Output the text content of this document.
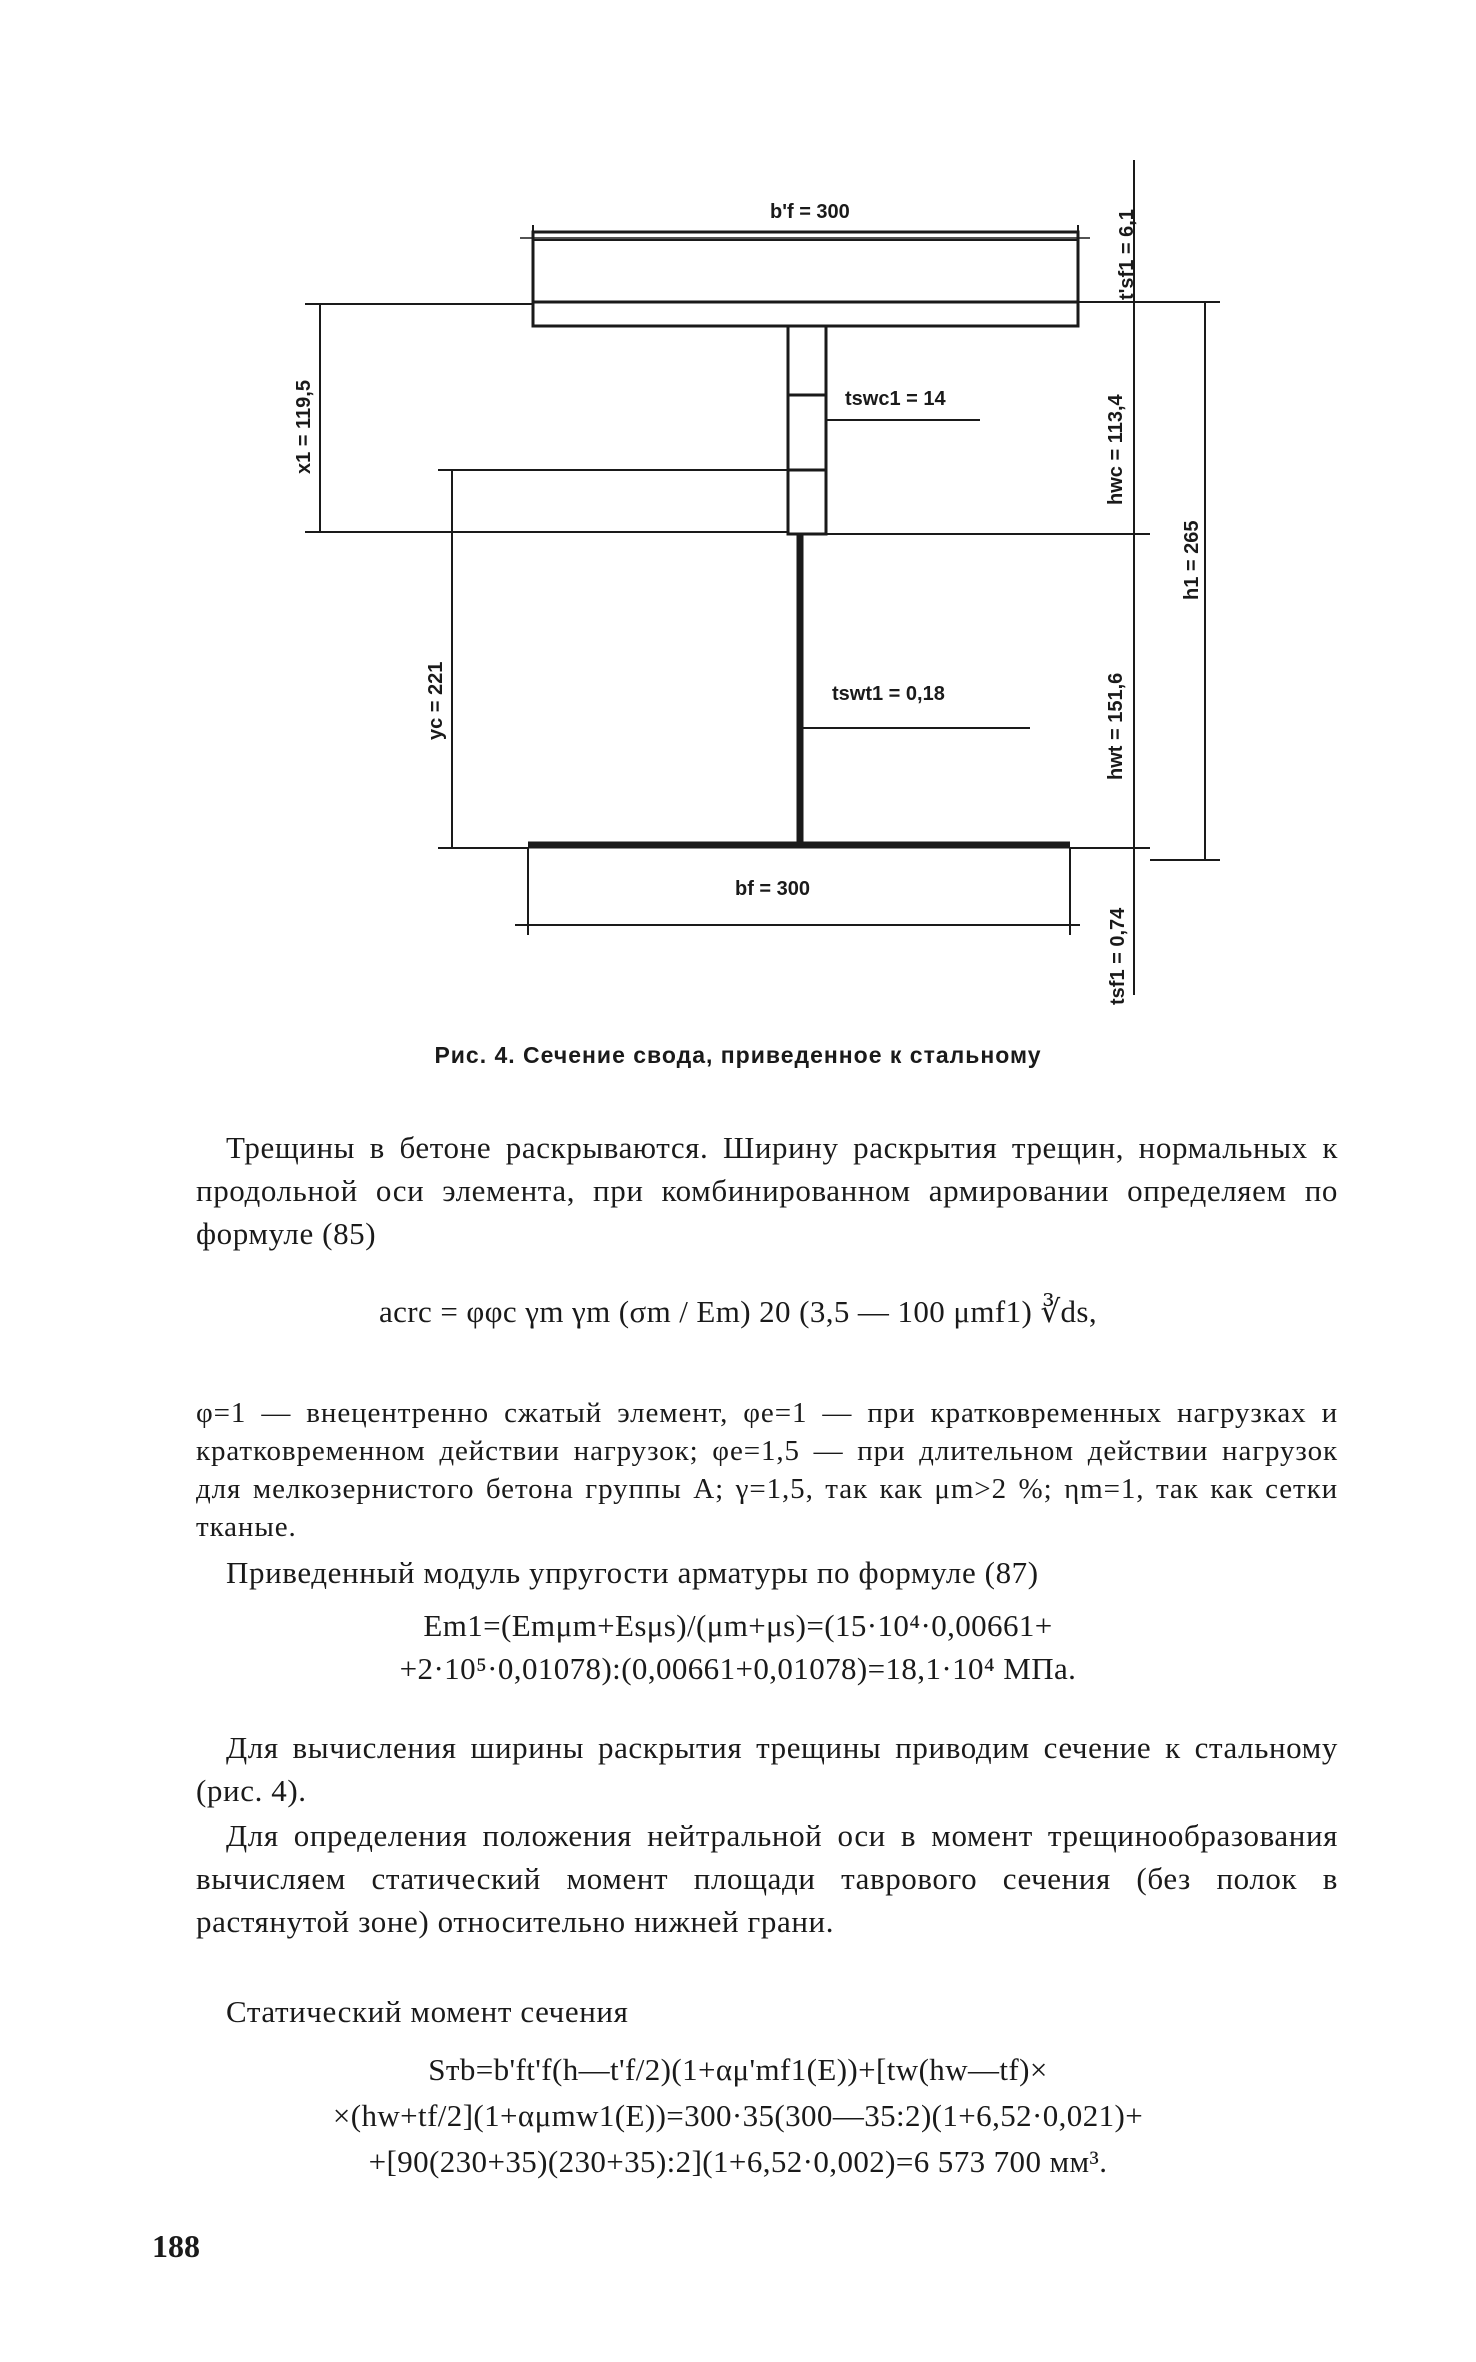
b'f = 300	t'sf1 = 6,1
x1 = 119,5	tswc1 = 14	hwc = 113,4
h1 = 265
yc = 221	tswt1 = 0,18	hwt = 151,6
bf = 300
tsf1 = 0,74
Рис. 4. Сечение свода, приведенное к стальному
Трещины в бетоне раскрываются. Ширину раскрытия трещин, нормальных к продольной оси элемента, при комбинированном армировании определяем по формуле (85)
acrc = φφc γm γm (σm / Em) 20 (3,5 — 100 μmf1) ∛ds,
φ=1 — внецентренно сжатый элемент, φe=1 — при кратковременных нагрузках и кратковременном действии нагрузок; φe=1,5 — при длительном действии нагрузок для мелкозернистого бетона группы А; γ=1,5, так как μm>2 %; ηm=1, так как сетки тканые.
Приведенный модуль упругости арматуры по формуле (87)
Em1=(Emμm+Esμs)/(μm+μs)=(15·10⁴·0,00661+
+2·10⁵·0,01078):(0,00661+0,01078)=18,1·10⁴ МПа.
Для вычисления ширины раскрытия трещины приводим сечение к стальному (рис. 4).
Для определения положения нейтральной оси в момент трещинообразования вычисляем статический момент площади таврового сечения (без полок в растянутой зоне) относительно нижней грани.
Статический момент сечения
Sтb=b'ft'f(h—t'f/2)(1+αμ'mf1(E))+[tw(hw—tf)×
×(hw+tf/2](1+αμmw1(E))=300·35(300—35:2)(1+6,52·0,021)+
+[90(230+35)(230+35):2](1+6,52·0,002)=6 573 700 мм³.
188
